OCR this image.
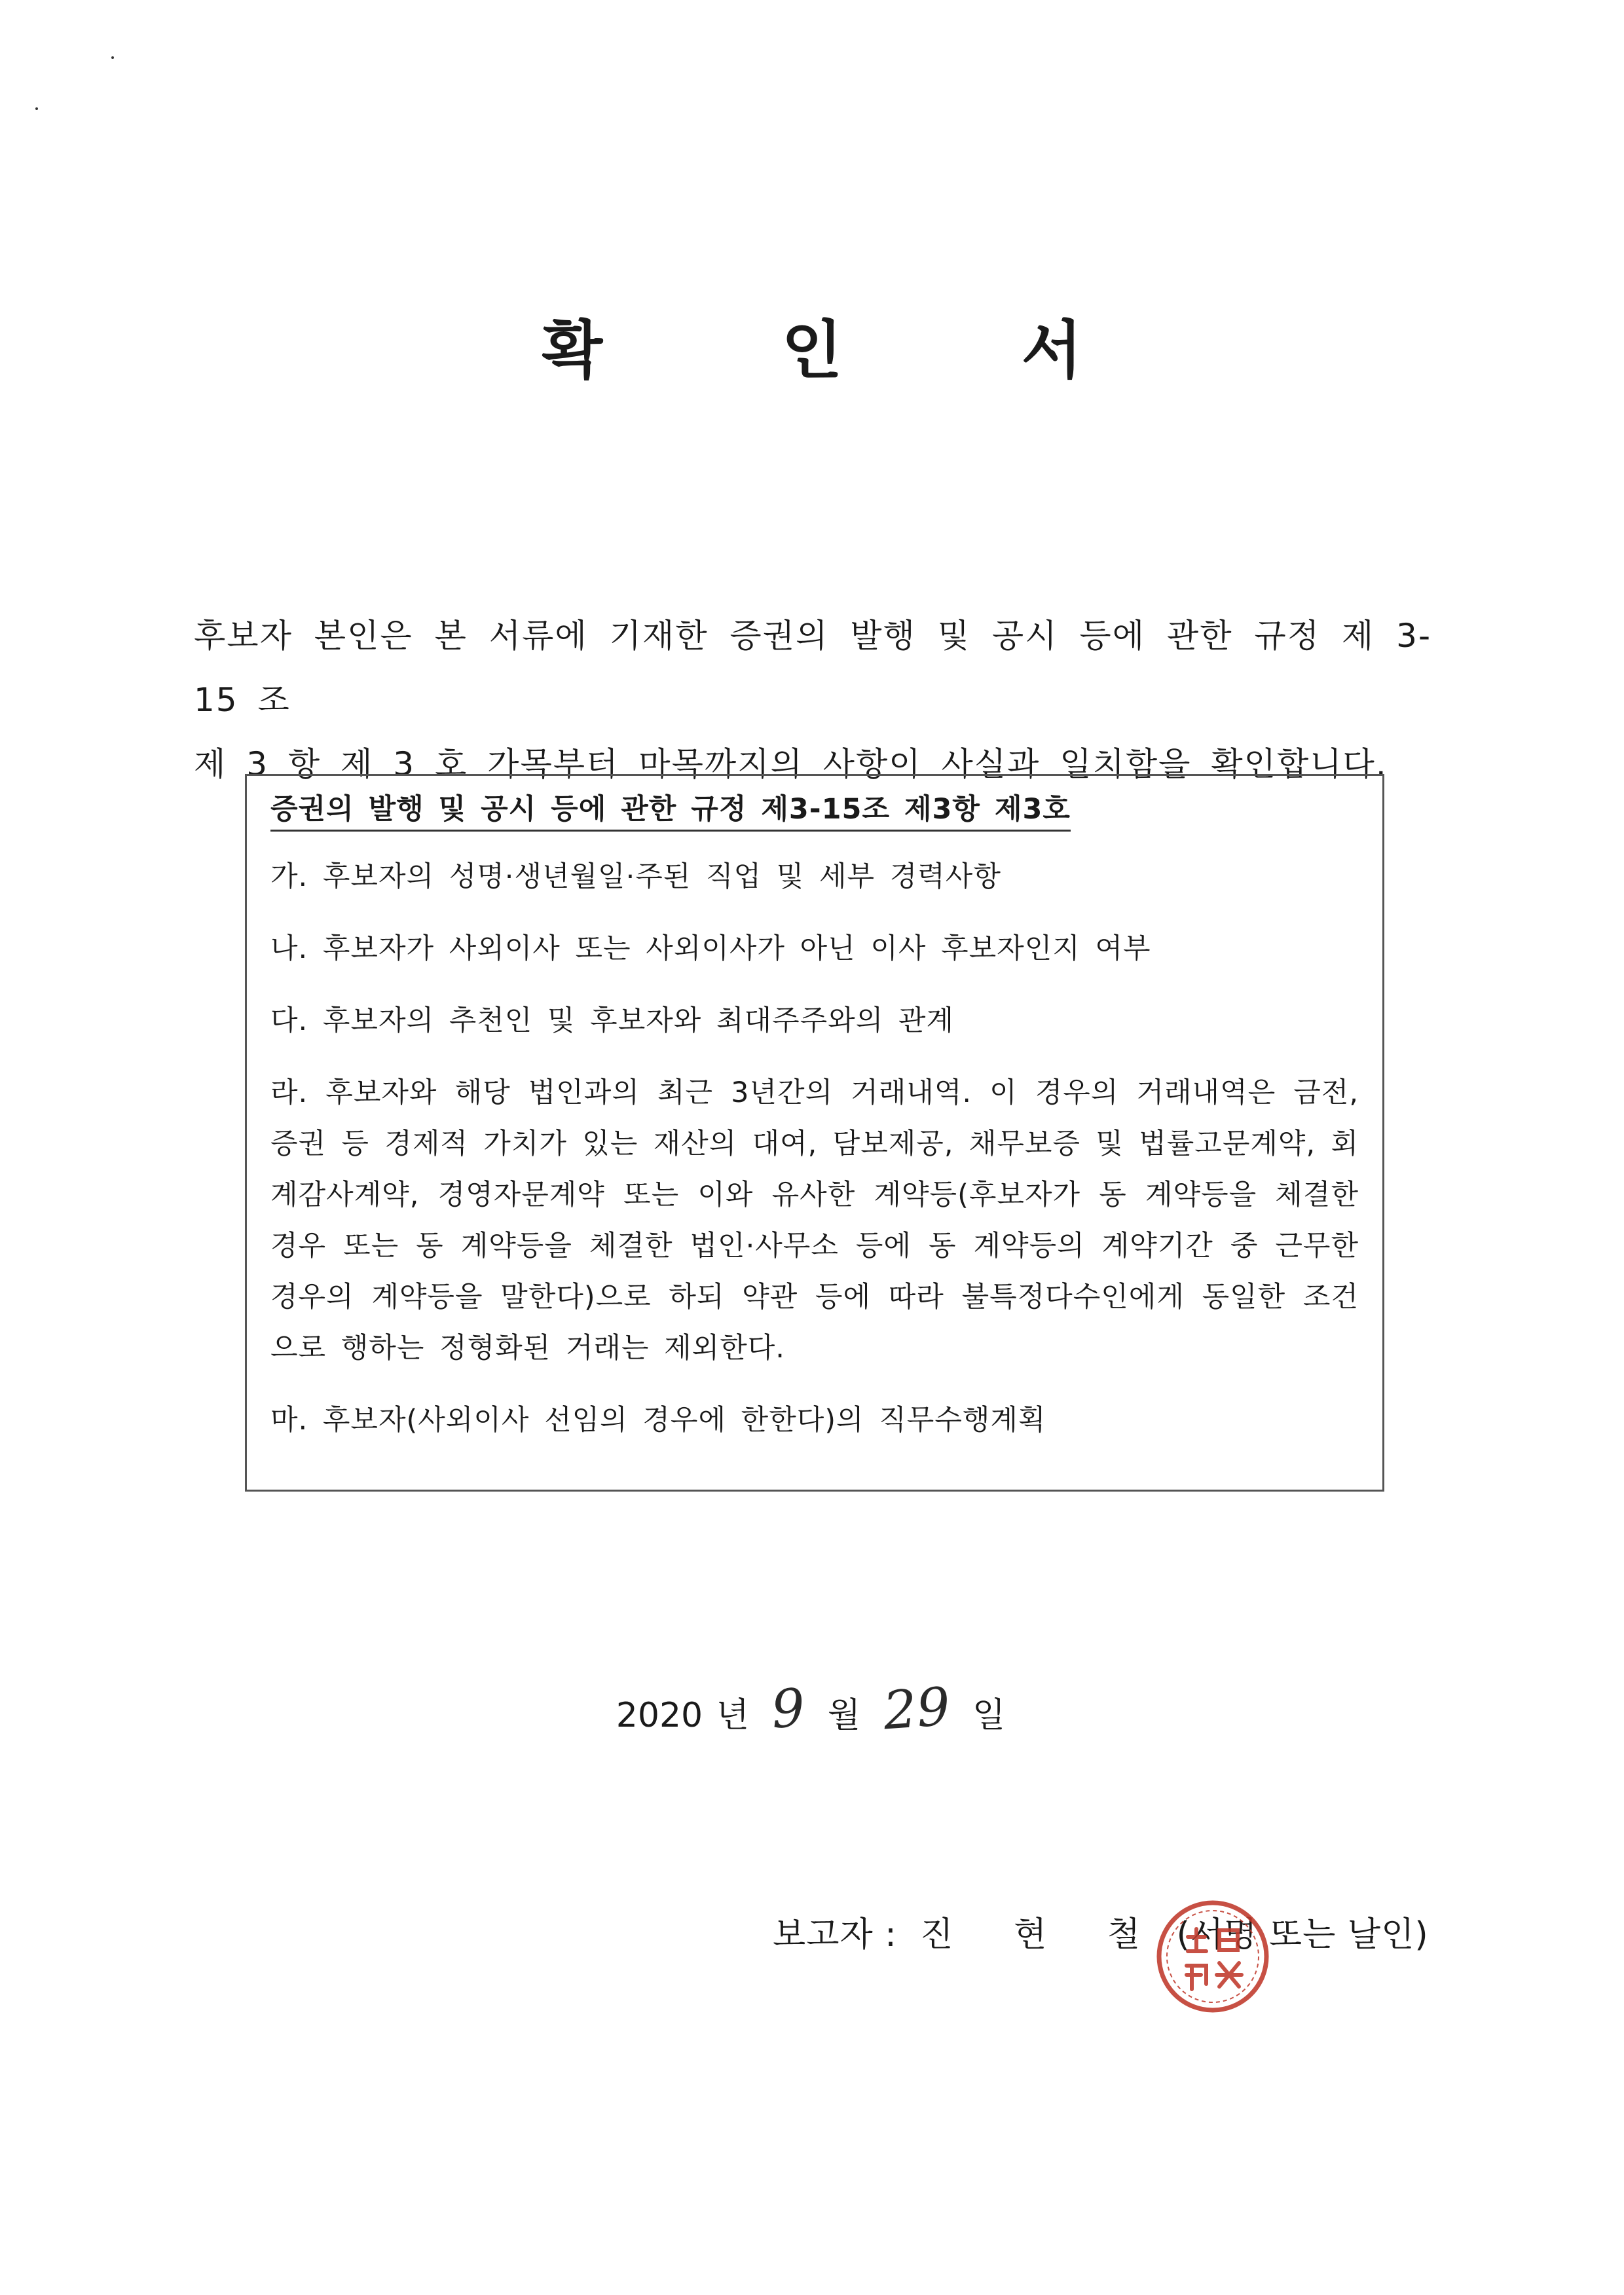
확 인 서

후보자 본인은 본 서류에 기재한 증권의 발행 및 공시 등에 관한 규정 제 3-15 조

제 3 항 제 3 호 가목부터 마목까지의 사항이 사실과 일치함을 확인합니다.

증권의 발행 및 공시 등에 관한 규정 제3-15조 제3항 제3호

가. 후보자의 성명·생년월일·주된 직업 및 세부 경력사항

나. 후보자가 사외이사 또는 사외이사가 아닌 이사 후보자인지 여부

다. 후보자의 추천인 및 후보자와 최대주주와의 관계

라. 후보자와 해당 법인과의 최근 3년간의 거래내역. 이 경우의 거래내역은 금전, 증권 등 경제적 가치가 있는 재산의 대여, 담보제공, 채무보증 및 법률고문계약, 회계감사계약, 경영자문계약 또는 이와 유사한 계약등(후보자가 동 계약등을 체결한 경우 또는 동 계약등을 체결한 법인·사무소 등에 동 계약등의 계약기간 중 근무한 경우의 계약등을 말한다)으로 하되 약관 등에 따라 불특정다수인에게 동일한 조건으로 행하는 정형화된 거래는 제외한다.

마. 후보자(사외이사 선임의 경우에 한한다)의 직무수행계획

2020 년 9 월 29 일
보고자 : 진 현 철 (서명 또는 날인)
